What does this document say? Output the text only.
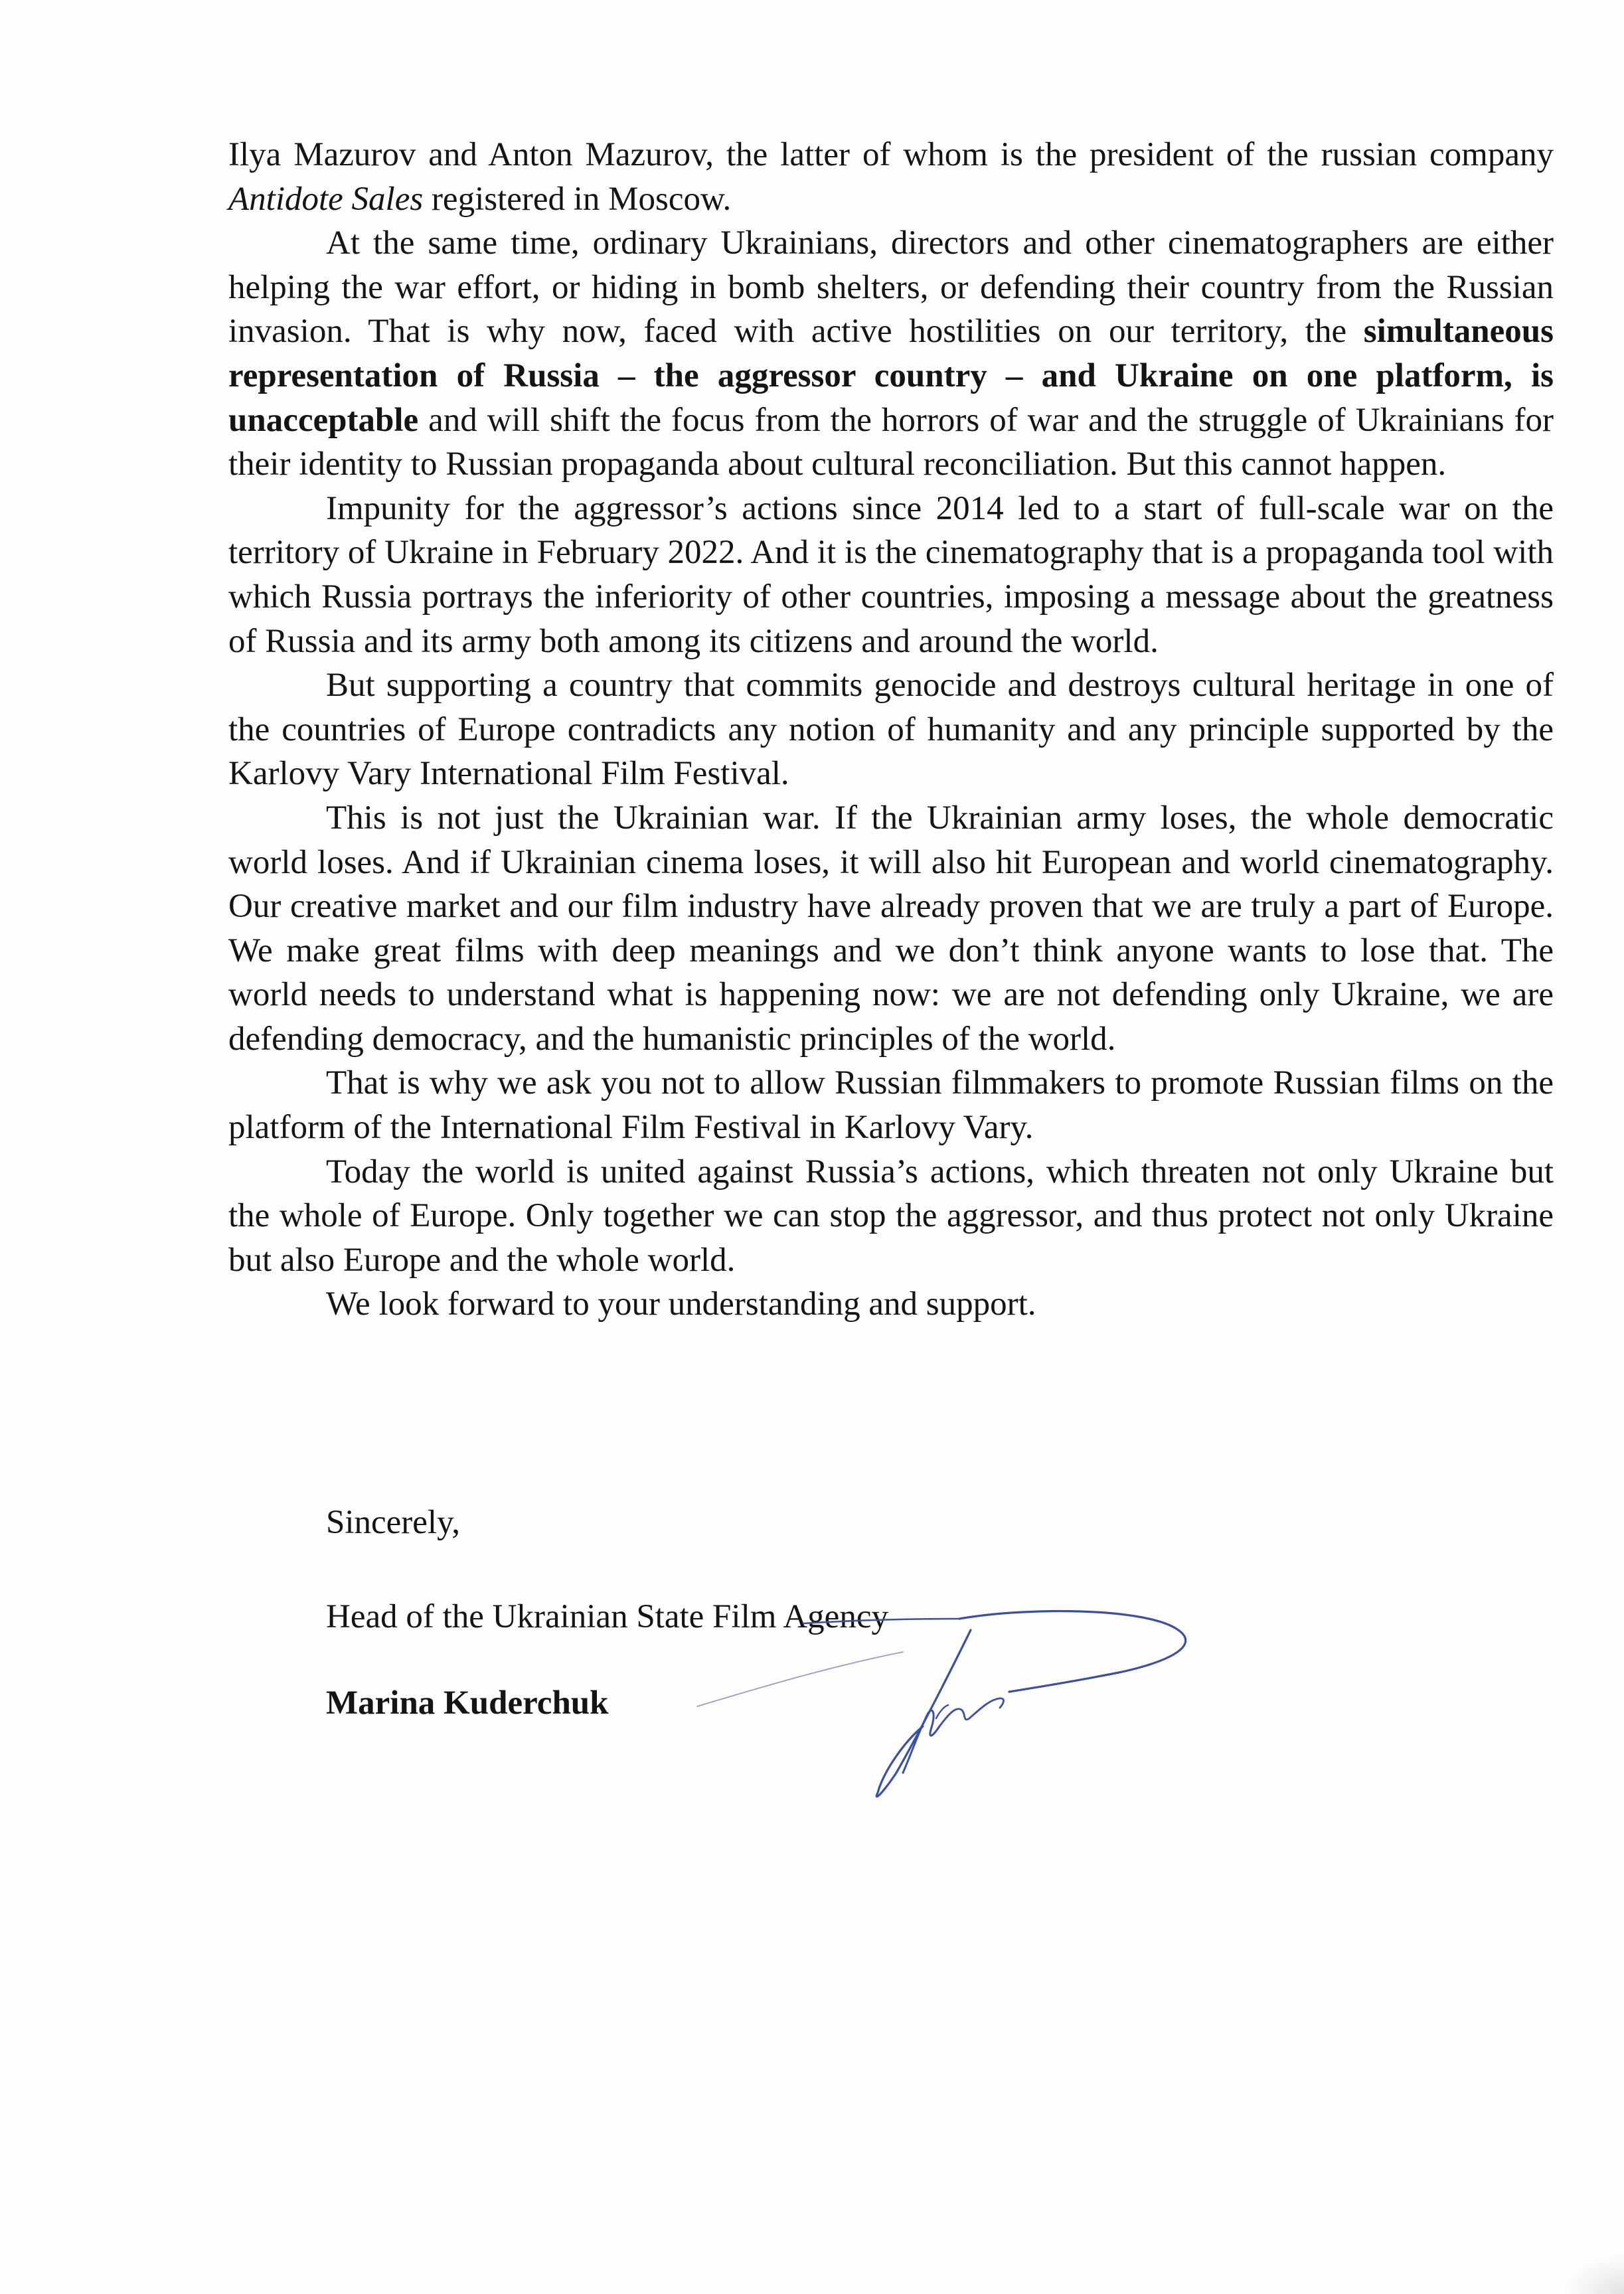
Ilya Mazurov and Anton Mazurov, the latter of whom is the president of the russian company Antidote Sales registered in Moscow.

At the same time, ordinary Ukrainians, directors and other cinematographers are either helping the war effort, or hiding in bomb shelters, or defending their country from the Russian invasion. That is why now, faced with active hostilities on our territory, the simultaneous representation of Russia – the aggressor country – and Ukraine on one platform, is unacceptable and will shift the focus from the horrors of war and the struggle of Ukrainians for their identity to Russian propaganda about cultural reconciliation. But this cannot happen.

Impunity for the aggressor’s actions since 2014 led to a start of full-scale war on the territory of Ukraine in February 2022. And it is the cinematography that is a propaganda tool with which Russia portrays the inferiority of other countries, imposing a message about the greatness of Russia and its army both among its citizens and around the world.

But supporting a country that commits genocide and destroys cultural heritage in one of the countries of Europe contradicts any notion of humanity and any principle supported by the Karlovy Vary International Film Festival.

This is not just the Ukrainian war. If the Ukrainian army loses, the whole democratic world loses. And if Ukrainian cinema loses, it will also hit European and world cinematography. Our creative market and our film industry have already proven that we are truly a part of Europe. We make great films with deep meanings and we don’t think anyone wants to lose that. The world needs to understand what is happening now: we are not defending only Ukraine, we are defending democracy, and the humanistic principles of the world.

That is why we ask you not to allow Russian filmmakers to promote Russian films on the platform of the International Film Festival in Karlovy Vary.

Today the world is united against Russia’s actions, which threaten not only Ukraine but the whole of Europe. Only together we can stop the aggressor, and thus protect not only Ukraine but also Europe and the whole world.

We look forward to your understanding and support.

Sincerely,
Head of the Ukrainian State Film Agency
Marina Kuderchuk
